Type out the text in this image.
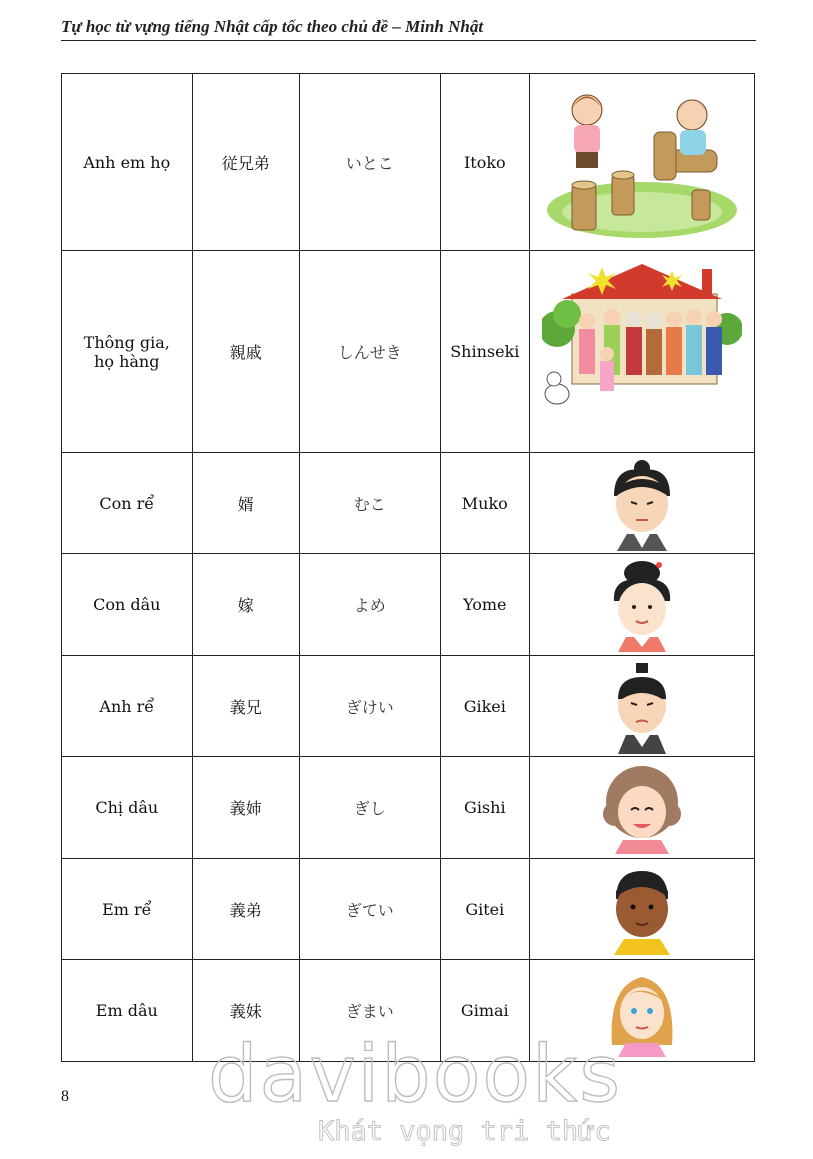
Tự học từ vựng tiếng Nhật cấp tốc theo chủ đề – Minh Nhật
Anh em họ	従兄弟	いとこ	Itoko	

Thông gia,
họ hàng	親戚	しんせき	Shinseki	

Con rể	婿	むこ	Muko	

Con dâu	嫁	よめ	Yome	

Anh rể	義兄	ぎけい	Gikei	

Chị dâu	義姉	ぎし	Gishi	

Em rể	義弟	ぎてい	Gitei	

Em dâu	義妹	ぎまい	Gimai	
8 davibooks
Khát vọng tri thức
